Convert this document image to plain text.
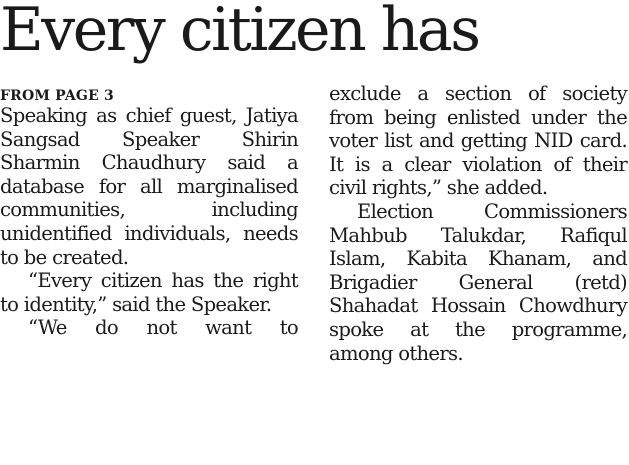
Every citizen has
FROM PAGE 3

Speaking as chief guest, Jatiya Sangsad Speaker Shirin Sharmin Chaudhury said a database for all marginalised communities, including unidentified individuals, needs to be created.

“Every citizen has the right to identity,” said the Speaker.

“We do not want to

exclude a section of society from being enlisted under the voter list and getting NID card. It is a clear violation of their civil rights,” she added.

Election Commissioners Mahbub Talukdar, Rafiqul Islam, Kabita Khanam, and Brigadier General (retd) Shahadat Hossain Chowdhury spoke at the programme, among others.
